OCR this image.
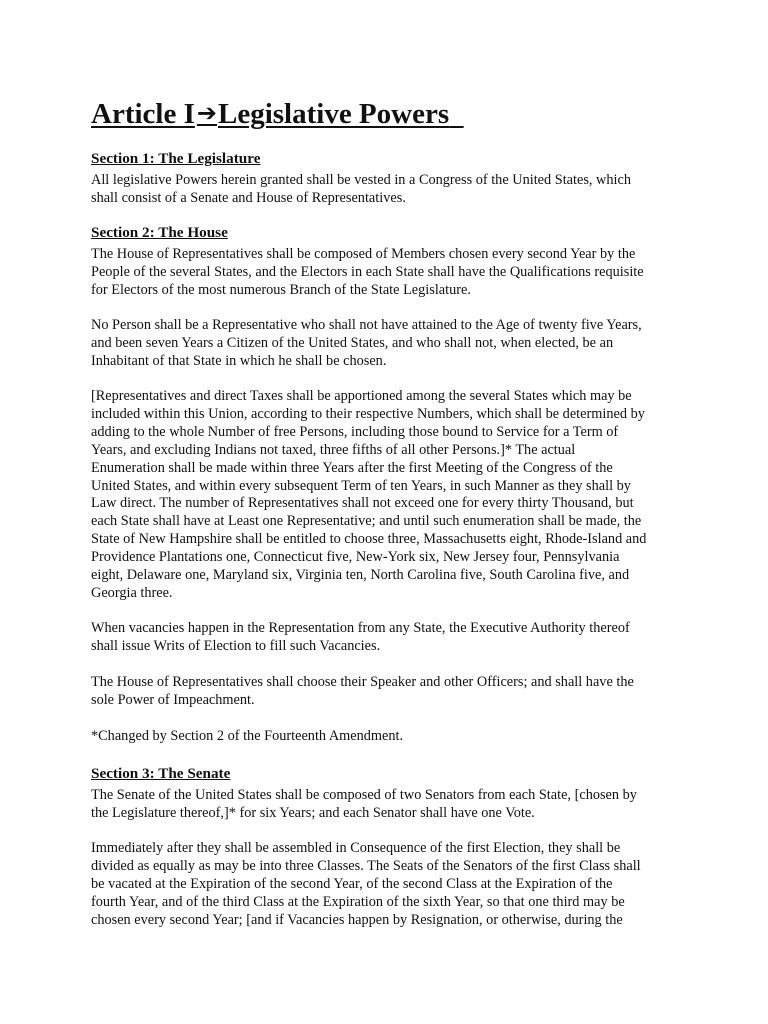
Article I➔Legislative Powers
Section 1: The Legislature
All legislative Powers herein granted shall be vested in a Congress of the United States, which
shall consist of a Senate and House of Representatives.
Section 2: The House
The House of Representatives shall be composed of Members chosen every second Year by the
People of the several States, and the Electors in each State shall have the Qualifications requisite
for Electors of the most numerous Branch of the State Legislature.
No Person shall be a Representative who shall not have attained to the Age of twenty five Years,
and been seven Years a Citizen of the United States, and who shall not, when elected, be an
Inhabitant of that State in which he shall be chosen.
[Representatives and direct Taxes shall be apportioned among the several States which may be
included within this Union, according to their respective Numbers, which shall be determined by
adding to the whole Number of free Persons, including those bound to Service for a Term of
Years, and excluding Indians not taxed, three fifths of all other Persons.]* The actual
Enumeration shall be made within three Years after the first Meeting of the Congress of the
United States, and within every subsequent Term of ten Years, in such Manner as they shall by
Law direct. The number of Representatives shall not exceed one for every thirty Thousand, but
each State shall have at Least one Representative; and until such enumeration shall be made, the
State of New Hampshire shall be entitled to choose three, Massachusetts eight, Rhode-Island and
Providence Plantations one, Connecticut five, New-York six, New Jersey four, Pennsylvania
eight, Delaware one, Maryland six, Virginia ten, North Carolina five, South Carolina five, and
Georgia three.
When vacancies happen in the Representation from any State, the Executive Authority thereof
shall issue Writs of Election to fill such Vacancies.
The House of Representatives shall choose their Speaker and other Officers; and shall have the
sole Power of Impeachment.
*Changed by Section 2 of the Fourteenth Amendment.
Section 3: The Senate
The Senate of the United States shall be composed of two Senators from each State, [chosen by
the Legislature thereof,]* for six Years; and each Senator shall have one Vote.
Immediately after they shall be assembled in Consequence of the first Election, they shall be
divided as equally as may be into three Classes. The Seats of the Senators of the first Class shall
be vacated at the Expiration of the second Year, of the second Class at the Expiration of the
fourth Year, and of the third Class at the Expiration of the sixth Year, so that one third may be
chosen every second Year; [and if Vacancies happen by Resignation, or otherwise, during the
